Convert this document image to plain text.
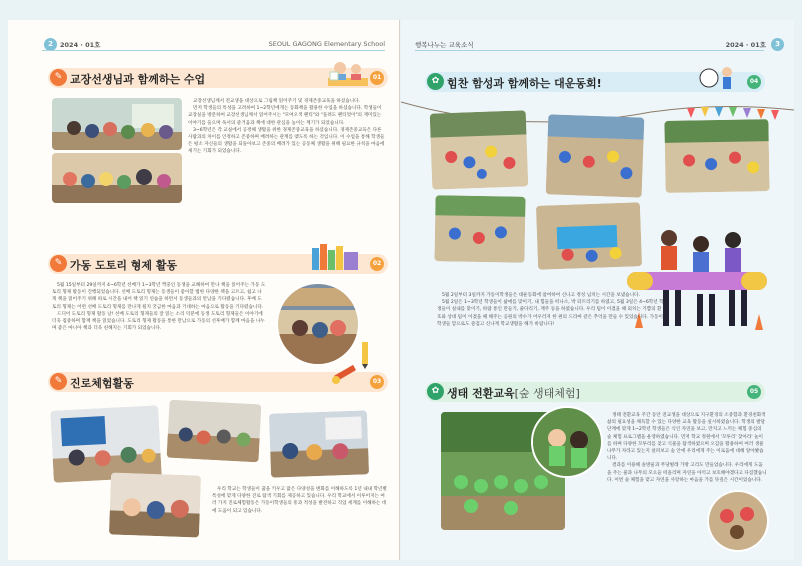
2	2024 · 01호	SEOUL GAGONG Elementary School
✎ 교장선생님과 함께하는 수업	01

교장선생님께서 전교생을 대상으로 그림책 읽어주기 및 경제존중교육을 하셨습니다.

먼저 학생들의 특성을 고려하여 1~2학년에게는 동화책을 활용한 수업을 하셨습니다. 학생들이 교장실을 방문하여 교장선생님께서 읽어주시는 "모여오색 팬티"와 "돌려도 팬티멋이"의 재미있는 이야기를 들으며 독서의 즐거움과 책에 대한 관심을 높이는 계기가 되었습니다.

3~6학년은 각 교실에서 공정해 생활을 위한 경제존중교육을 하셨습니다. 경제존중교육은 다른 사람과의 차이를 인정하고 존중하며 배려하는 관계를 맺도록 하는 것입니다. 이 수업을 통해 학생들은 평소 자신들의 생활을 되돌아보고 존중의 배려가 있는 공동체 생활을 위해 필요한 규칙을 마음에 새기는 기회가 되었습니다.

✎ 가동 도토리 형제 활동	02

5월 15일부터 29일까지 4~6학년 선배가 1~3학년 짝꿍인 동생을 교해하여 만나 책을 읽어주는 가동 도토리 형제 활동이 진행되었습니다. 선배 도토리 형제는 동생들이 좋아할 법한 다양한 책을 고르고, 쉽고 나게 책을 읽어주기 위해 따로 시간을 내어 책 읽기 연습을 하면서 동생들과의 만남을 기다렸습니다. 후배 도토리 형제는 어떤 선배 도토리 형제를 만나게 될지 궁금한 마음과 기대하는 마음으로 활동을 기다렸습니다.

드디어 도토리 형제 활동 날! 선배 도토리 형제들의 잘 읽는 소리 덕분에 동생 도토리 형제들은 이야기에 더욱 집중하며 함께 책을 읽었습니다. 도토리 형제 활동을 통한 만남으로 가동의 선후배가 함께 마음을 나누며 좋은 마니아 책과 더욱 친해지는 기회가 되었습니다.

✎ 진로체험활동	03

우리 학교는 학생들이 꿈을 키우고 많은 다양성을 변화를 이해하도록 1년 내내 학년별 특성에 맞게 다양한 진로 탐색 기회를 제공하고 있습니다. 우리 학교에서 이루어지는 여러 가지 진로체험활동은 가동이학생들의 흥과 적성을 발견하고 직업 세계를 이해하는 데에 도움이 되고 있습니다.

행복나누는 교육소식	2024 · 01호	3
✿ 힘찬 함성과 함께하는 대운동회!	04

5월 2일부터 3일까지 가동이학생들은 대운동회에 참여하여 신나고 정성 넘치는 시간을 보냈습니다.

5월 2일은 1~3학년 학생들이 삶애를 맞이기, 내 힘들을 떠나소, 박 터트리기를 하였고, 5월 3일은 4~6학년 학생들이 실내를 맞이기, 바람 통인 만들기, 줄다리기, 계주 등을 하였습니다. 우리 팀이 이겼을 때 외치는 기쁨의 환호와 상대 팀이 이겼을 때 해주는 응원의 박수가 어우러져 한 편의 드라마 같은 추억을 만들 수 있었습니다. 가동이학생들 맘으로도 즐겁고 신나게 학교생활을 해가 바랍니다!

✿ 생태 전환교육[숲 생태체험]	05

생태 전환교육 주간 동안 전교생을 대상으로 지구환경의 소중함과 환경친화적 삶의 필요성을 체득할 수 있는 다양한 교육 활동을 실시하였습니다. 학생의 발달 단계에 맞게 1~2학년 학생들은 식인 자연을 보고, 만지고 느끼는 체험 중심의 숲 체험 프로그램을 운영하였습니다. 먼저 학교 정원에서 '꼬투리' 찾아라' 놀이를 하며 다양한 꼬투리를 찾고 식물을 탐색하였으며 오감을 활용하여 여러 생물 나무가 자라고 있는지 살펴보고 숲 안에 우리에게 주는 이로움에 대해 알아봤습니다.

결과를 이용해 솔방울과 무당벌레 가방 고리도 만들었습니다. 우리에게 도움을 주는 물과 나무의 모으들 떠올리며 자연을 아끼고 보호해야겠다고 다짐했습니다. 이번 숲 체험을 맞고 자연을 사랑하는 마음을 가를 뜻깊은 시간이었습니다.
